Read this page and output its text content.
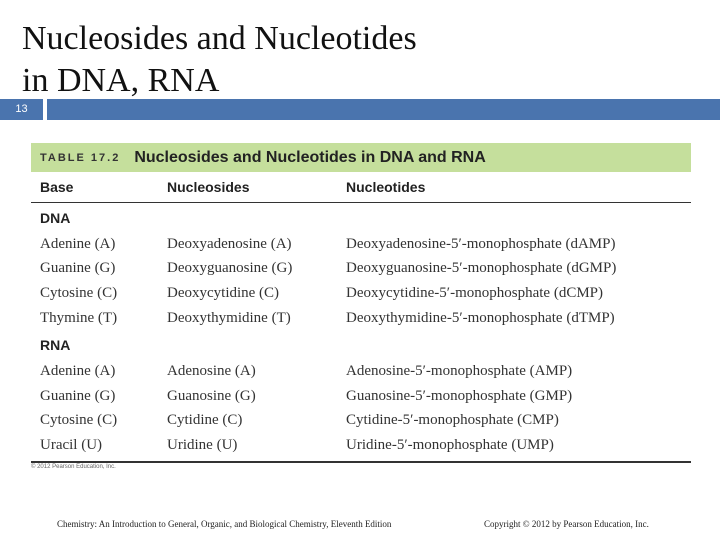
Nucleosides and Nucleotides
in DNA, RNA
13
TABLE 17.2 Nucleosides and Nucleotides in DNA and RNA
Base	Nucleosides	Nucleotides
DNA
Adenine (A)	Deoxyadenosine (A)	Deoxyadenosine-5′-monophosphate (dAMP)
Guanine (G)	Deoxyguanosine (G)	Deoxyguanosine-5′-monophosphate (dGMP)
Cytosine (C)	Deoxycytidine (C)	Deoxycytidine-5′-monophosphate (dCMP)
Thymine (T)	Deoxythymidine (T)	Deoxythymidine-5′-monophosphate (dTMP)
RNA
Adenine (A)	Adenosine (A)	Adenosine-5′-monophosphate (AMP)
Guanine (G)	Guanosine (G)	Guanosine-5′-monophosphate (GMP)
Cytosine (C)	Cytidine (C)	Cytidine-5′-monophosphate (CMP)
Uracil (U)	Uridine (U)	Uridine-5′-monophosphate (UMP)
© 2012 Pearson Education, Inc.
Chemistry: An Introduction to General, Organic, and Biological Chemistry, Eleventh Edition	Copyright © 2012 by Pearson Education, Inc.
